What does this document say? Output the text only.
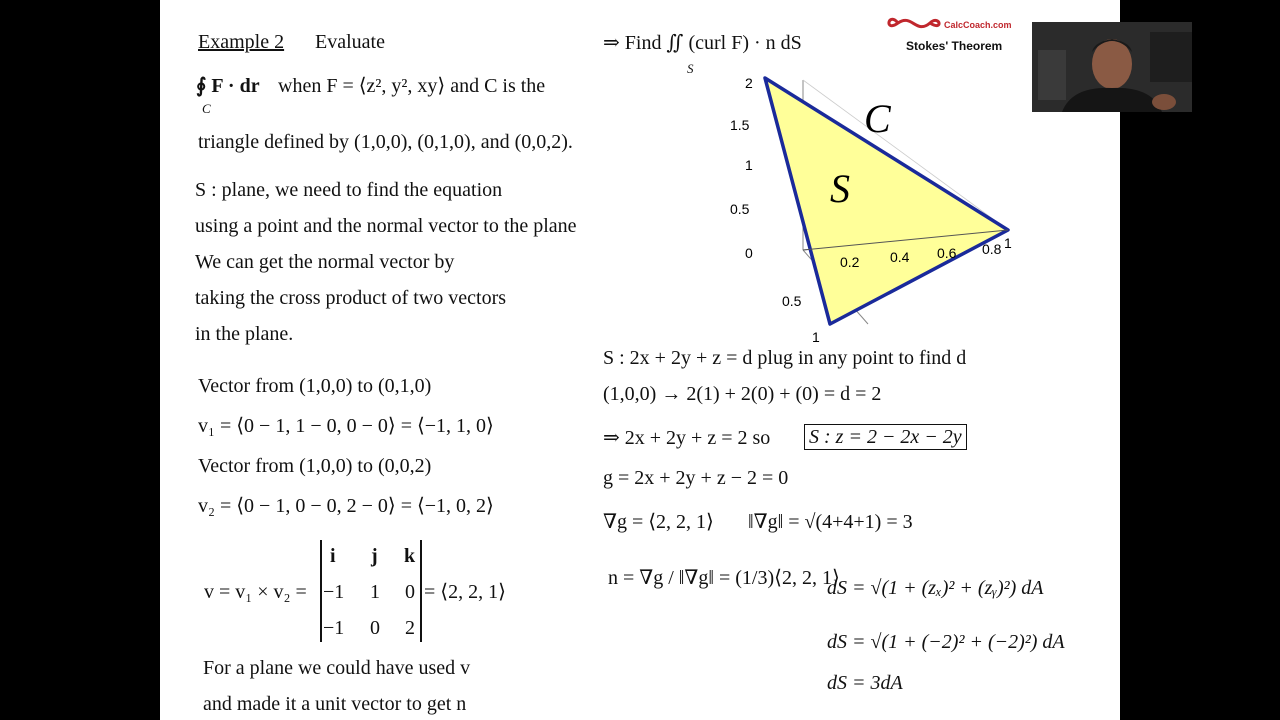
Example 2 Evaluate
∮ F · dr
C
when F = ⟨z², y², xy⟩ and C is the
triangle defined by (1,0,0), (0,1,0), and (0,0,2).
S : plane, we need to find the equation
using a point and the normal vector to the plane
We can get the normal vector by
taking the cross product of two vectors
in the plane.
Vector from (1,0,0) to (0,1,0)
v₁ = ⟨0 − 1, 1 − 0, 0 − 0⟩ = ⟨−1, 1, 0⟩
Vector from (1,0,0) to (0,0,2)
v₂ = ⟨0 − 1, 0 − 0, 2 − 0⟩ = ⟨−1, 0, 2⟩
v = v₁ × v₂ =
i j k
−1 1 0
−1 0 2
= ⟨2, 2, 1⟩
For a plane we could have used v
and made it a unit vector to get n
⇒ Find ∬ (curl F) · n dS
S
S : 2x + 2y + z = d plug in any point to find d
(1,0,0) → 2(1) + 2(0) + (0) = d = 2
⇒ 2x + 2y + z = 2 so S : z = 2 − 2x − 2y
g = 2x + 2y + z − 2 = 0
∇g = ⟨2, 2, 1⟩ ‖∇g‖ = √(4+4+1) = 3
n = ∇g / ‖∇g‖ = (1/3)⟨2, 2, 1⟩
dS = √(1 + (zₓ)² + (zᵧ)²) dA
dS = √(1 + (−2)² + (−2)²) dA
dS = 3dA
CalcCoach.com
Stokes' Theorem
2
1.5
1
0.5
0
0.2 0.4 0.6 0.8 1
0.5
1
C
S
